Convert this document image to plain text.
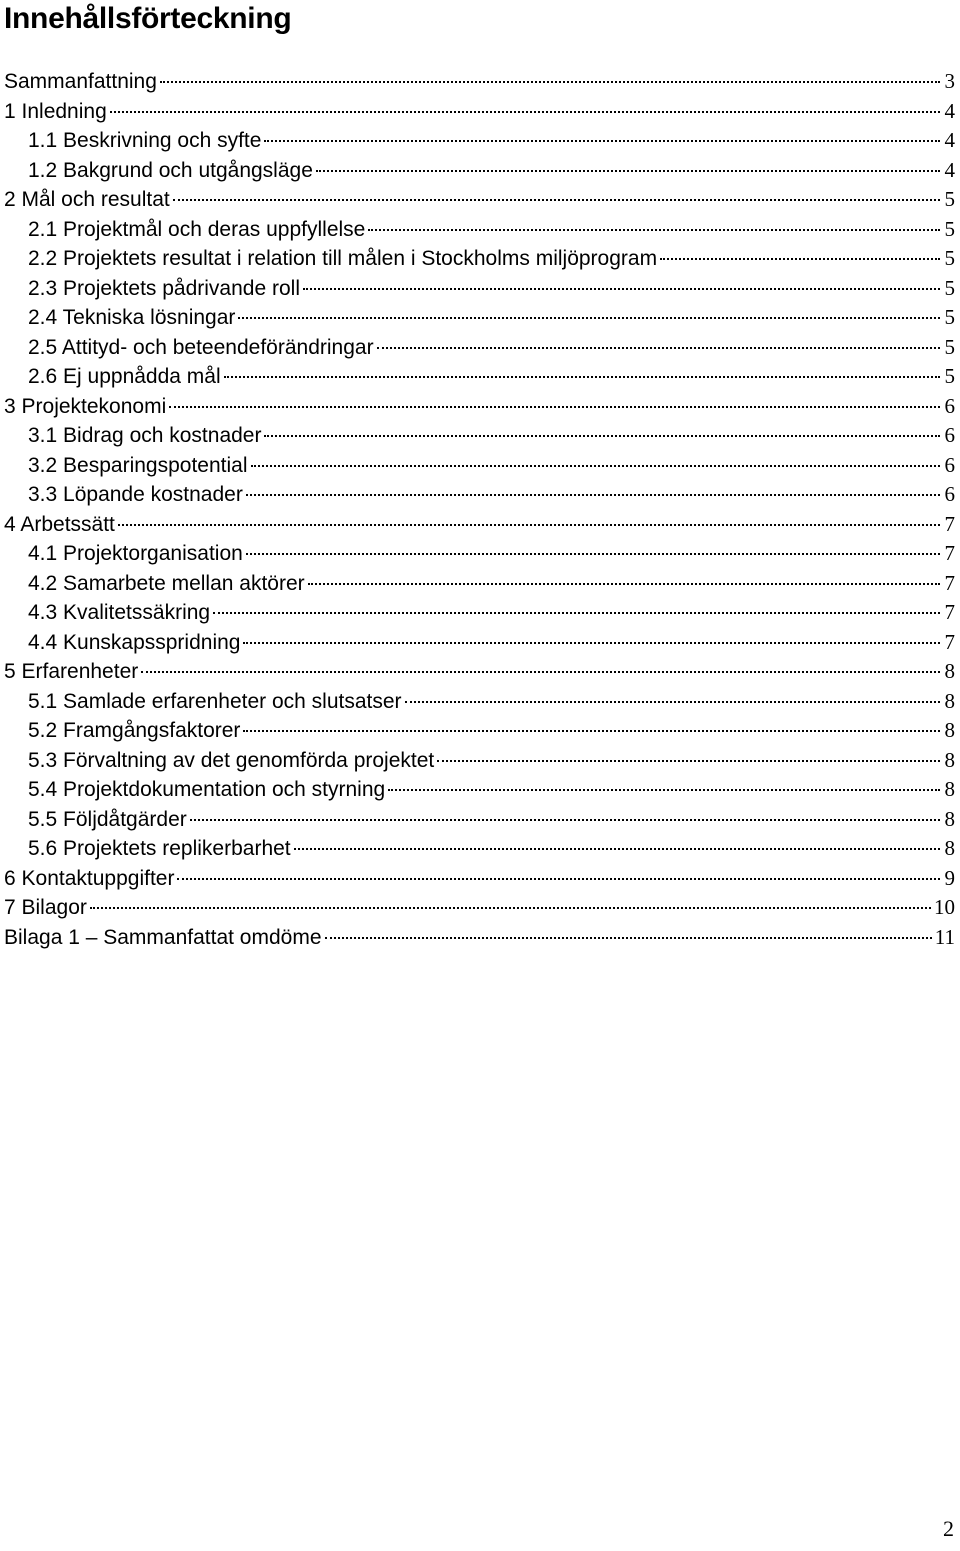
Innehållsförteckning
Sammanfattning	3
1 Inledning	4
1.1 Beskrivning och syfte	4
1.2 Bakgrund och utgångsläge	4
2 Mål och resultat	5
2.1 Projektmål och deras uppfyllelse	5
2.2 Projektets resultat i relation till målen i Stockholms miljöprogram	5
2.3 Projektets pådrivande roll	5
2.4 Tekniska lösningar	5
2.5 Attityd- och beteendeförändringar	5
2.6 Ej uppnådda mål	5
3 Projektekonomi	6
3.1 Bidrag och kostnader	6
3.2 Besparingspotential	6
3.3 Löpande kostnader	6
4 Arbetssätt	7
4.1 Projektorganisation	7
4.2 Samarbete mellan aktörer	7
4.3 Kvalitetssäkring	7
4.4 Kunskapsspridning	7
5 Erfarenheter	8
5.1 Samlade erfarenheter och slutsatser	8
5.2 Framgångsfaktorer	8
5.3 Förvaltning av det genomförda projektet	8
5.4 Projektdokumentation och styrning	8
5.5 Följdåtgärder	8
5.6 Projektets replikerbarhet	8
6 Kontaktuppgifter	9
7 Bilagor	10
Bilaga 1 – Sammanfattat omdöme	11
2
